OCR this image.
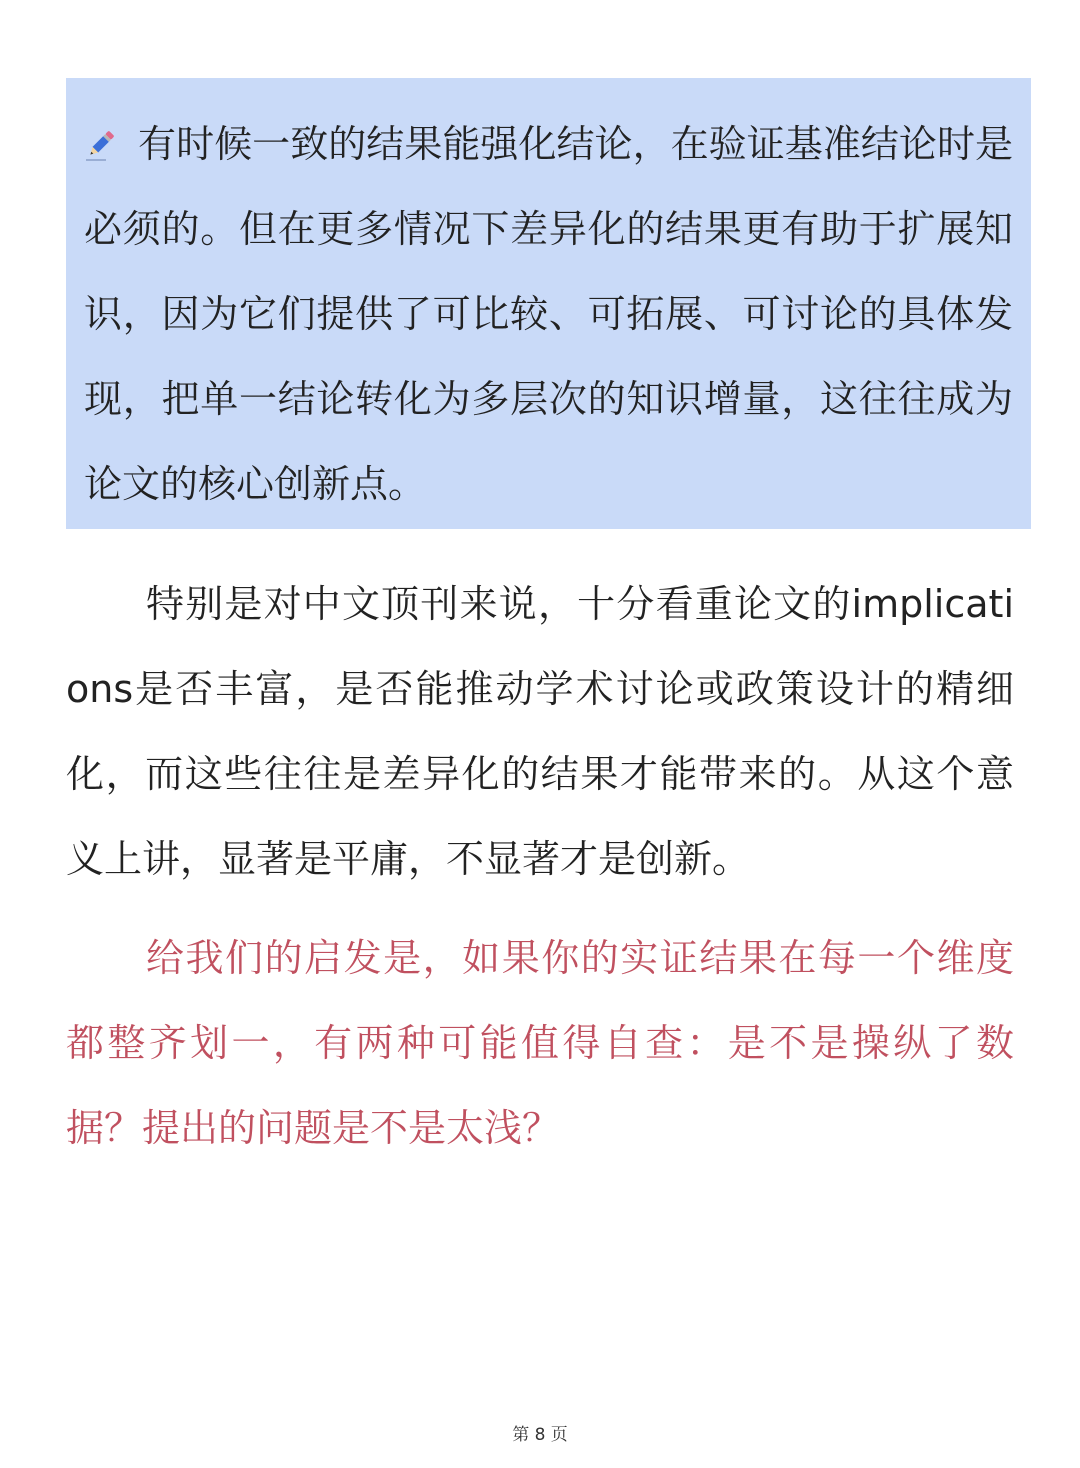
有时候一致的结果能强化结论，在验证基准结论时是必须的。但在更多情况下差异化的结果更有助于扩展知识，因为它们提供了可比较、可拓展、可讨论的具体发现，把单一结论转化为多层次的知识增量，这往往成为论文的核心创新点。

特别是对中文顶刊来说，十分看重论文的implications是否丰富，是否能推动学术讨论或政策设计的精细化，而这些往往是差异化的结果才能带来的。从这个意义上讲，显著是平庸，不显著才是创新。

给我们的启发是，如果你的实证结果在每一个维度都整齐划一，有两种可能值得自查：是不是操纵了数据？提出的问题是不是太浅？

第 8 页
